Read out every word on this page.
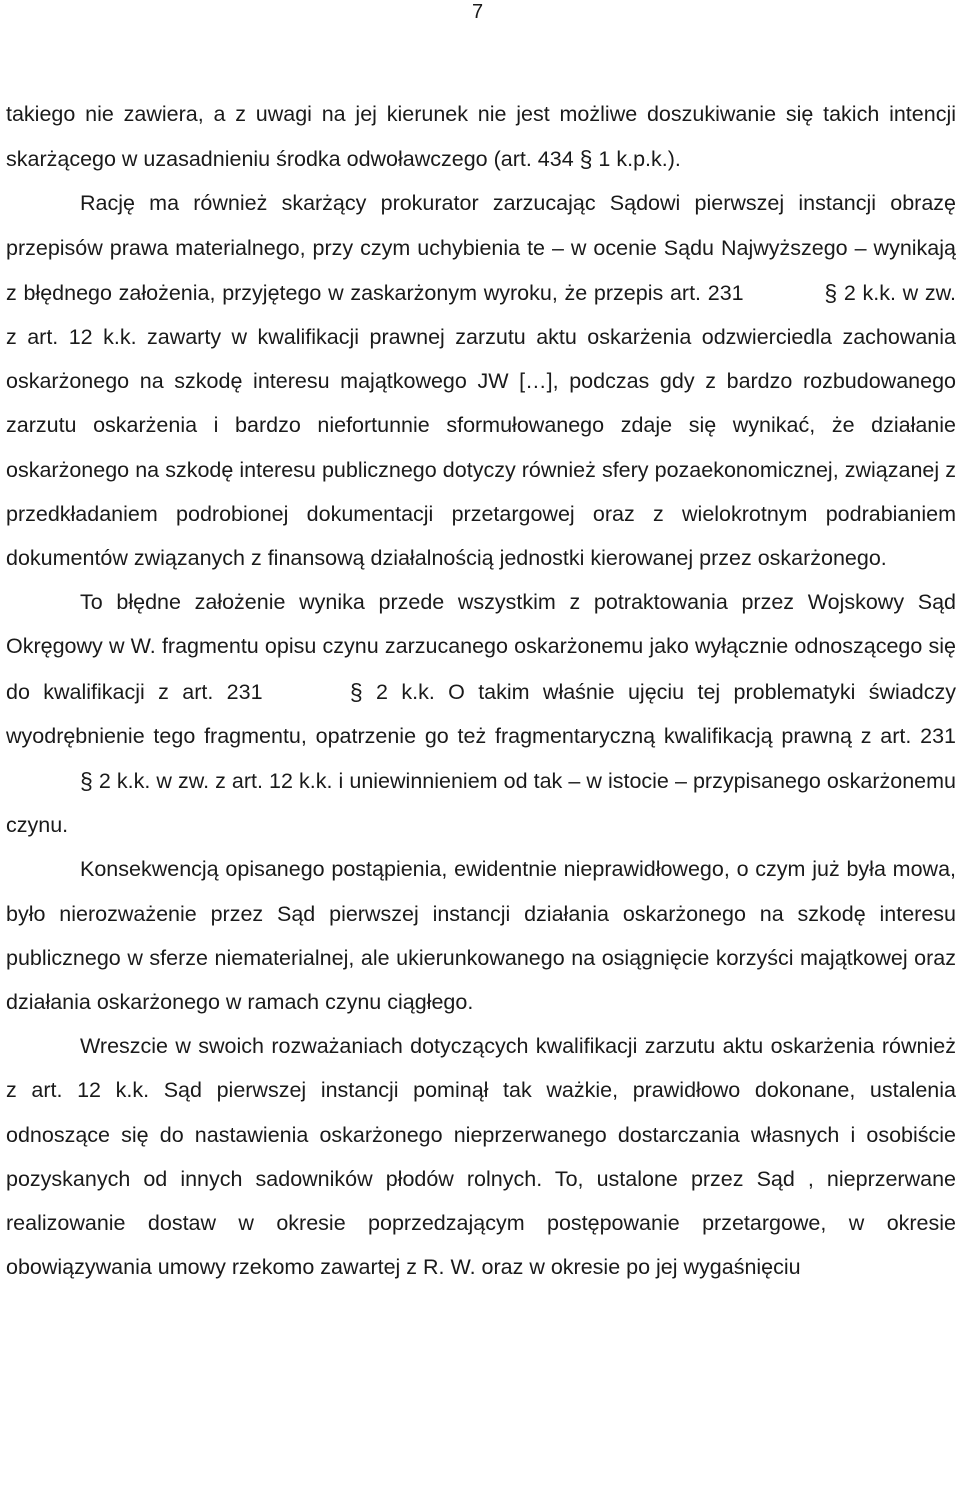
7

takiego nie zawiera, a z uwagi na jej kierunek nie jest możliwe doszukiwanie się takich intencji skarżącego w uzasadnieniu środka odwoławczego (art. 434 § 1 k.p.k.).

Rację ma również skarżący prokurator zarzucając Sądowi pierwszej instancji obrazę przepisów prawa materialnego, przy czym uchybienia te – w ocenie Sądu Najwyższego – wynikają z błędnego założenia, przyjętego w zaskarżonym wyroku, że przepis art. 231	§ 2 k.k. w zw. z art. 12 k.k. zawarty w kwalifikacji prawnej zarzutu aktu oskarżenia odzwierciedla zachowania oskarżonego na szkodę interesu majątkowego JW […], podczas gdy z bardzo rozbudowanego zarzutu oskarżenia i bardzo niefortunnie sformułowanego zdaje się wynikać, że działanie oskarżonego na szkodę interesu publicznego dotyczy również sfery pozaekonomicznej, związanej z przedkładaniem podrobionej dokumentacji przetargowej oraz z wielokrotnym podrabianiem dokumentów związanych z finansową działalnością jednostki kierowanej przez oskarżonego.

To błędne założenie wynika przede wszystkim z potraktowania przez Wojskowy Sąd Okręgowy w W. fragmentu opisu czynu zarzucanego oskarżonemu jako wyłącznie odnoszącego się do kwalifikacji z art. 231	§ 2 k.k. O takim właśnie ujęciu tej problematyki świadczy wyodrębnienie tego fragmentu, opatrzenie go też fragmentaryczną kwalifikacją prawną z art. 231 § 2 k.k. w zw. z art. 12 k.k. i uniewinnieniem od tak – w istocie – przypisanego oskarżonemu czynu.

Konsekwencją opisanego postąpienia, ewidentnie nieprawidłowego, o czym już była mowa, było nierozważenie przez Sąd pierwszej instancji działania oskarżonego na szkodę interesu publicznego w sferze niematerialnej, ale ukierunkowanego na osiągnięcie korzyści majątkowej oraz działania oskarżonego w ramach czynu ciągłego.

Wreszcie w swoich rozważaniach dotyczących kwalifikacji zarzutu aktu oskarżenia również z art. 12 k.k. Sąd pierwszej instancji pominął tak ważkie, prawidłowo dokonane, ustalenia odnoszące się do nastawienia oskarżonego nieprzerwanego dostarczania własnych i osobiście pozyskanych od innych sadowników płodów rolnych. To, ustalone przez Sąd , nieprzerwane realizowanie dostaw w okresie poprzedzającym postępowanie przetargowe, w okresie obowiązywania umowy rzekomo zawartej z R. W. oraz w okresie po jej wygaśnięciu
